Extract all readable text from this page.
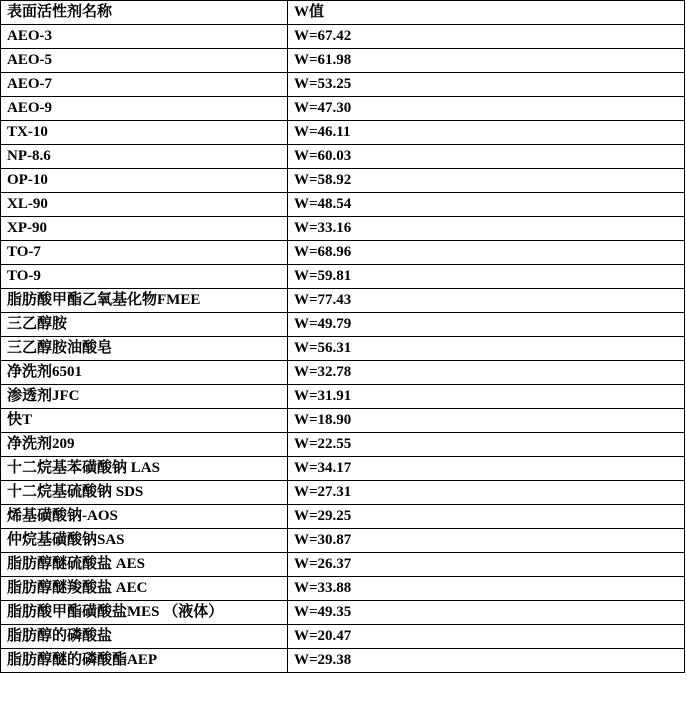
表面活性剂名称	W值
AEO-3	W=67.42
AEO-5	W=61.98
AEO-7	W=53.25
AEO-9	W=47.30
TX-10	W=46.11
NP-8.6	W=60.03
OP-10	W=58.92
XL-90	W=48.54
XP-90	W=33.16
TO-7	W=68.96
TO-9	W=59.81
脂肪酸甲酯乙氧基化物FMEE	W=77.43
三乙醇胺	W=49.79
三乙醇胺油酸皂	W=56.31
净洗剂6501	W=32.78
渗透剂JFC	W=31.91
快T	W=18.90
净洗剂209	W=22.55
十二烷基苯磺酸钠 LAS	W=34.17
十二烷基硫酸钠 SDS	W=27.31
烯基磺酸钠-AOS	W=29.25
仲烷基磺酸钠SAS	W=30.87
脂肪醇醚硫酸盐 AES	W=26.37
脂肪醇醚羧酸盐 AEC	W=33.88
脂肪酸甲酯磺酸盐MES （液体）	W=49.35
脂肪醇的磷酸盐	W=20.47
脂肪醇醚的磷酸酯AEP	W=29.38
